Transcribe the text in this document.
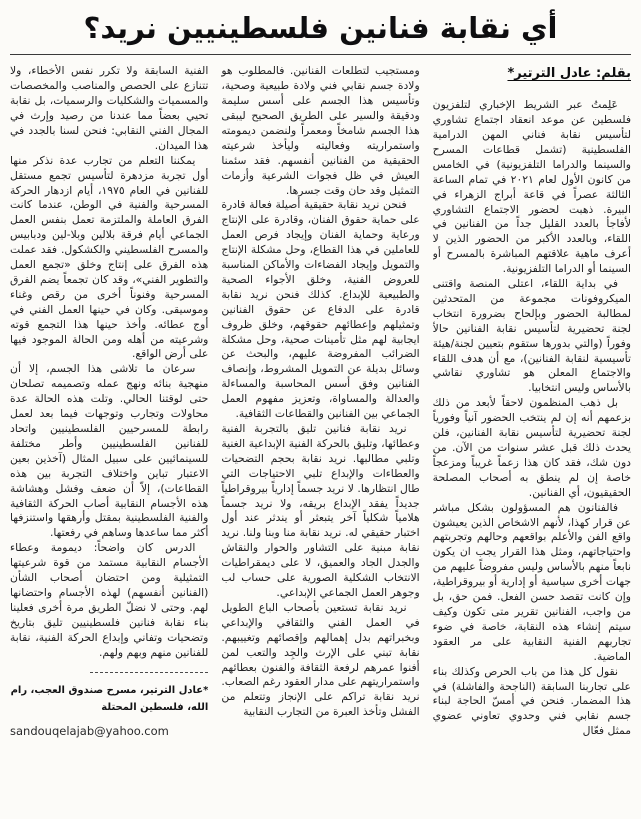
أي نقابة فنانين فلسطينيين نريد؟
بقلم: عادل الترتير*

عَلِمتُ عبر الشريط الإخباري لتلفزيون فلسطين عن موعد انعقاد اجتماع تشاوري لتأسيس نقابة فناني المهن الدرامية الفلسطينية (تشمل قطاعات المسرح والسينما والدراما التلفزيونية) في الخامس من كانون الأول لعام ٢٠٢١ في تمام الساعة الثالثة عصراً في قاعة أبراج الزهراء في البيرة. ذهبت لحضور الاجتماع التشاوري لأفاجأ بالعدد القليل جداً من الفنانين في اللقاء، وبالعدد الأكبر من الحضور الذين لا أعرف ماهية علاقتهم المباشرة بالمسرح أو السينما أو الدراما التلفزيونية.

في بداية اللقاء، اعتلى المنصة واقتنى الميكروفونات مجموعة من المتحدثين لمطالبة الحضور وبإلحاح بضرورة انتخاب لجنة تحضيرية لتأسيس نقابة الفنانين حالاً وفوراً (والتي بدورها ستقوم بتعيين لجنة/هيئة تأسيسية لنقابة الفنانين)، مع أن هدف اللقاء والاجتماع المعلن هو تشاوري نقاشي بالأساس وليس انتخابيا.

بل ذهب المنظمون لاحقاً لأبعد من ذلك بزعمهم أنه إن لم ينتخب الحضور آنياً وفورياً لجنة تحضيرية لتأسيس نقابة الفنانين، فلن يحدث ذلك قبل عشر سنوات من الآن. من دون شك، فقد كان هذا زعماً غريباً ومزعجاً خاصة إن لم ينطق به أصحاب المصلحة الحقيقيون، أي الفنانين.

فالفنانون هم المسؤولون بشكل مباشر عن قرار كهذا، لأنهم الاشخاص الذين يعيشون واقع الفن والأعلم بواقعهم وحالهم وتجربتهم واحتياجاتهم، ومثل هذا القرار يجب ان يكون نابعاً منهم بالأساس وليس مفروضاً عليهم من جهات أخرى سياسية أو إدارية أو بيروقراطية، وإن كانت تقصد حسن الفعل. فمن حق، بل من واجب، الفنانين تقرير متى تكون وكيف سيتم إنشاء هذه النقابة، خاصة في ضوء تجاربهم الفنية النقابية على مر العقود الماضية.

نقول كل هذا من باب الحرص وكذلك بناء على تجاربنا السابقة (الناجحة والفاشلة) في هذا المضمار. فنحن في أمسّ الحاجة لبناء جسم نقابي فني وحدوي تعاوني عضوي ممثل فعّال

ومستجيب لتطلعات الفنانين. فالمطلوب هو ولادة جسم نقابي فني ولادة طبيعية وصحية، وتأسيس هذا الجسم على أسس سليمة ودقيقة والسير على الطريق الصحيح ليبقى هذا الجسم شامخاً ومعمراً ولنضمن ديمومته واستمراريته وفعاليته وليأخذ شرعيته الحقيقية من الفنانين أنفسهم. فقد سئمنا العيش في ظل فجوات الشرعية وأزمات التمثيل وقد حان وقت جسرها.

فنحن نريد نقابة حقيقية أصيلة فعالة قادرة على حماية حقوق الفنان، وقادرة على الإنتاج ورعاية وحماية الفنان وإيجاد فرص العمل للعاملين في هذا القطاع، وحل مشكلة الإنتاج والتمويل وإيجاد الفضاءات والأماكن المناسبة للعروض الفنية، وخلق الأجواء الصحية والطبيعية للإبداع. كذلك فنحن نريد نقابة قادرة على الدفاع عن حقوق الفنانين وتمثيلهم وإعطائهم حقوقهم، وخلق ظروف ايجابية لهم مثل تأمينات صحية، وحل مشكلة الضرائب المفروضة عليهم، والبحث عن وسائل بديلة عن التمويل المشروط، وإنصاف الفنانين وفق أسس المحاسبة والمساءلة والعدالة والمساواة، وتعزيز مفهوم العمل الجماعي بين الفنانين والقطاعات الثقافية.

نريد نقابة فنانين تليق بالتجربة الفنية وعطائها، وتليق بالحركة الفنية الإبداعية الغنية وتلبي مطالبها. نريد نقابة بحجم التضحيات والعطاءات والإبداع تلبي الاحتياجات التي طال انتظارها. لا نريد جسماً إدارياً بيروقراطياً جديداً يفقد الإبداع بريقه، ولا نريد جسماً هلامياً شكلياً آخر يتبعثر أو يندثر عند أول اختبار حقيقي له. نريد نقابة منا وبنا ولنا. نريد نقابة مبنية على التشاور والحوار والنقاش والجدل الجاد والعميق، لا على ديمقراطيات الانتخاب الشكلية الصورية على حساب لب وجوهر العمل الجماعي الإبداعي.

نريد نقابة تستعين بأصحاب الباع الطويل في العمل الفني والثقافي والإبداعي وبخبراتهم بدل إهمالهم وإقصائهم وتغييبهم. نقابة تبني على الإرث والجِد والتعب لمن أفنوا عمرهم لرفعة الثقافة والفنون بعطائهم واستمراريتهم على مدار العقود رغم الصعاب. نريد نقابة تراكم على الإنجاز وتتعلم من الفشل وتأخذ العبرة من التجارب النقابية

الفنية السابقة ولا تكرر نفس الأخطاء، ولا تتنازع على الحصص والمناصب والمخصصات والمسميات والشكليات والرسميات، بل نقابة تحيي بعضاً مما عندنا من رصيد وإرث في المجال الفني النقابي: فنحن لسنا بالجدد في هذا الميدان.

يمكننا التعلم من تجارب عدة نذكر منها أول تجربة مزدهرة لتأسيس تجمع مستقل للفنانين في العام ١٩٧٥، أيام ازدهار الحركة المسرحية والفنية في الوطن، عندما كانت الفرق العاملة والملتزمة تعمل بنفس العمل الجماعي أيام فرقة بلالين وبلا-لين ودبابيس والمسرح الفلسطيني والكشكول. فقد عملت هذه الفرق على إنتاج وخلق «تجمع العمل والتطوير الفني»، وقد كان تجمعاً يضم الفرق المسرحية وفنوناً أخرى من رقص وغناء وموسيقى. وكان في حينها العمل الفني في أوج عطائه. وأخذ حينها هذا التجمع قوته وشرعيته من أهله ومن الحالة الموجود فيها على أرض الواقع.

سرعان ما تلاشى هذا الجسم، إلا أن منهجية بنائه ونهج عمله وتصميمه تصلحان حتى لوقتنا الحالي. وتلت هذه الحالة عدة محاولات وتجارب وتوجهات فيما بعد لعمل رابطة للمسرحيين الفلسطينيين واتحاد للفنانين الفلسطينيين وأطر مختلفة للسينمائيين على سبيل المثال (آخذين بعين الاعتبار تباين واختلاف التجربة بين هذه القطاعات)، إلاّ أن ضعف وفشل وهشاشة هذه الأجسام النقابية أصاب الحركة الثقافية والفنية الفلسطينية بمقتل وأرهقها واستنزفها أكثر مما ساعدها وساهم في رفعتها.

الدرس كان واضحاً: ديمومة وعطاء الأجسام النقابية مستمد من قوة شرعيتها التمثيلية ومن احتضان أصحاب الشأن (الفنانين أنفسهم) لهذه الأجسام واحتضانها لهم. وحتى لا نضلّ الطريق مرة أخرى فعلينا بناء نقابة فنانين فلسطينيين تليق بتاريخ وتضحيات وتفاني وإبداع الحركة الفنية، نقابة للفنانين منهم وبهم ولهم.

*عادل الترتير، مسرح صندوق العجب، رام الله، فلسطين المحتلة
sandouqelajab@yahoo.com
